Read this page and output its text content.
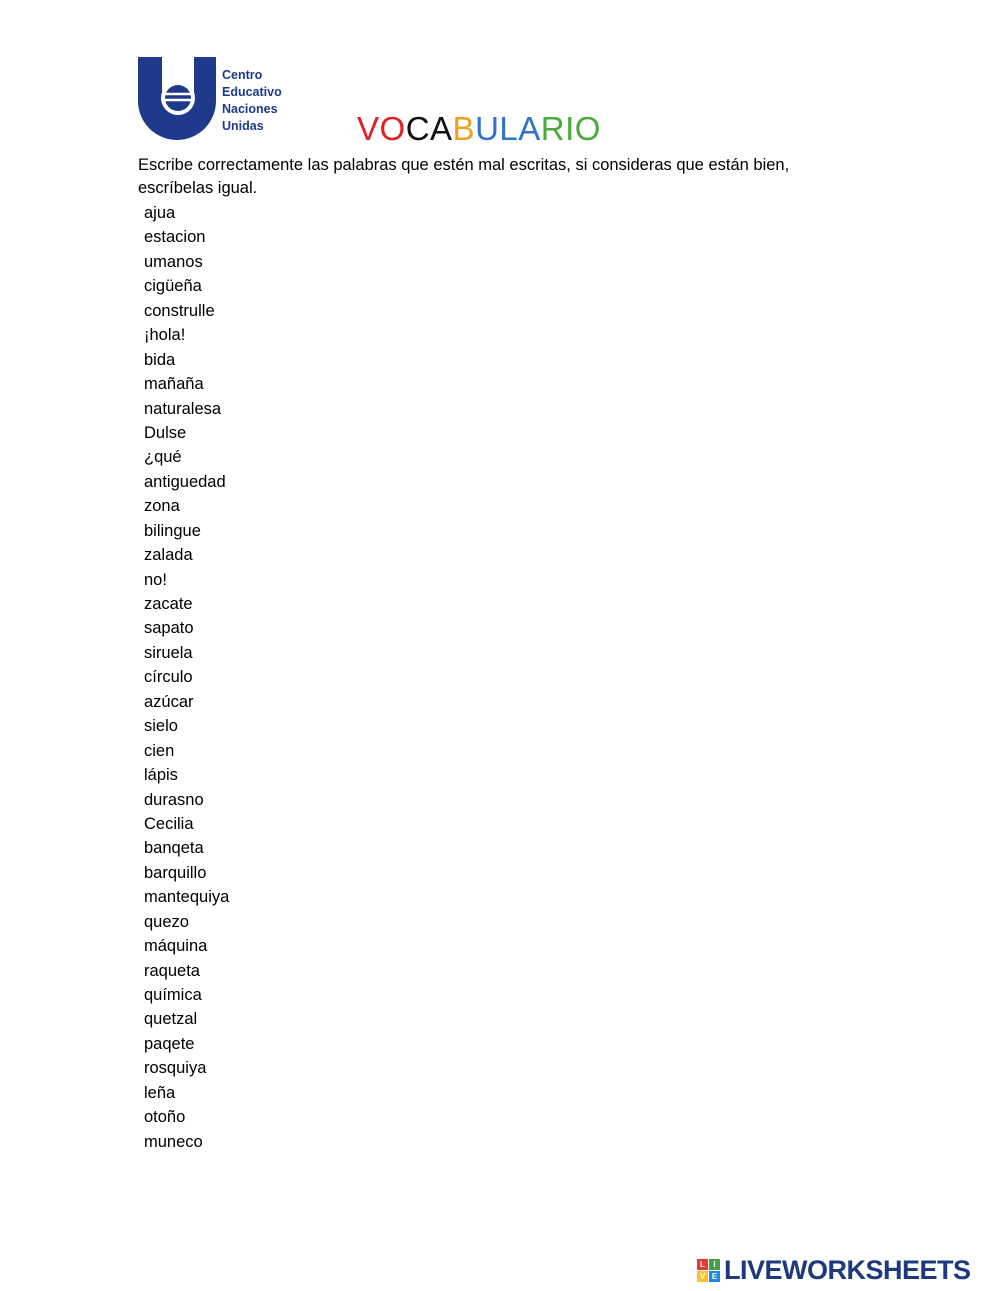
Centro
Educativo
Naciones
Unidas	VOCABULARIO
Escribe correctamente las palabras que estén mal escritas, si consideras que están bien, escríbelas igual.
ajua
estacion
umanos
cigüeña
construlle
¡hola!
bida
mañaña
naturalesa
Dulse
¿qué
antiguedad
zona
bilingue
zalada
no!
zacate
sapato
siruela
círculo
azúcar
sielo
cien
lápis
durasno
Cecilia
banqeta
barquillo
mantequiya
quezo
máquina
raqueta
química
quetzal
paqete
rosquiya
leña
otoño
muneco
L	I
V E LIVEWORKSHEETS
